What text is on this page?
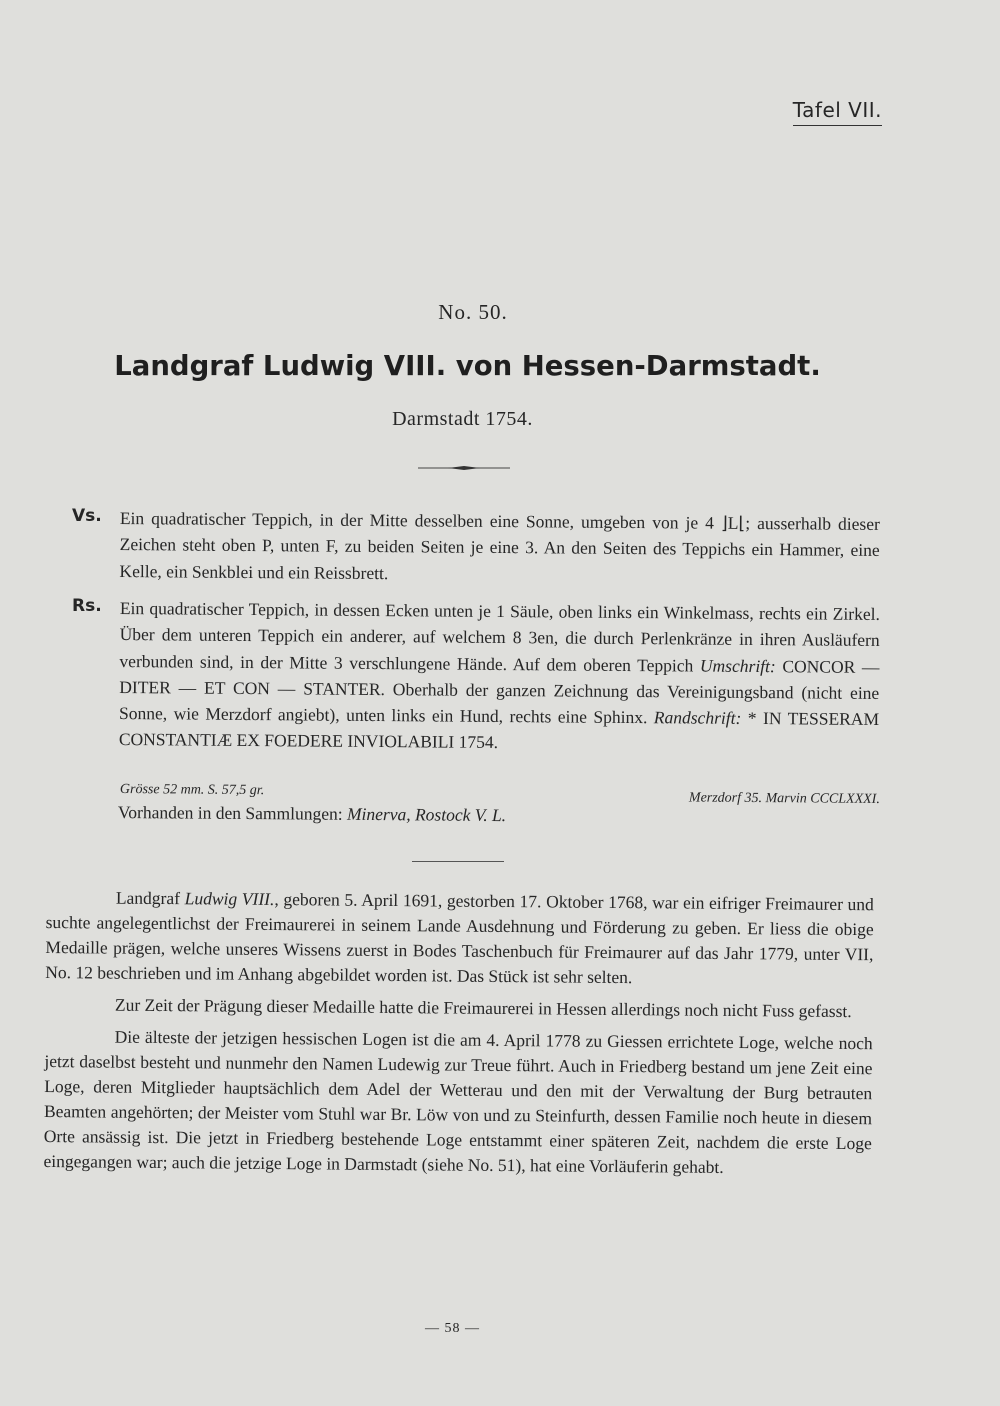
Tafel VII.
No. 50.
Landgraf Ludwig VIII. von Hessen-Darmstadt.
Darmstadt 1754.
Vs. Ein quadratischer Teppich, in der Mitte desselben eine Sonne, umgeben von je 4 ⌋L⌊; ausserhalb dieser Zeichen steht oben P, unten F, zu beiden Seiten je eine 3. An den Seiten des Teppichs ein Hammer, eine Kelle, ein Senkblei und ein Reissbrett.
Rs. Ein quadratischer Teppich, in dessen Ecken unten je 1 Säule, oben links ein Winkelmass, rechts ein Zirkel. Über dem unteren Teppich ein anderer, auf welchem 8 3en, die durch Perlenkränze in ihren Ausläufern verbunden sind, in der Mitte 3 verschlungene Hände. Auf dem oberen Teppich Umschrift: CONCOR — DITER — ET CON — STANTER. Oberhalb der ganzen Zeichnung das Vereinigungsband (nicht eine Sonne, wie Merzdorf angiebt), unten links ein Hund, rechts eine Sphinx. Randschrift: * IN TESSERAM CONSTANTIÆ EX FOEDERE INVIOLABILI 1754.
Grösse 52 mm. S. 57,5 gr.
Merzdorf 35. Marvin CCCLXXXI.
Vorhanden in den Sammlungen: Minerva, Rostock V. L.

Landgraf Ludwig VIII., geboren 5. April 1691, gestorben 17. Oktober 1768, war ein eifriger Freimaurer und suchte angelegentlichst der Freimaurerei in seinem Lande Ausdehnung und Förderung zu geben. Er liess die obige Medaille prägen, welche unseres Wissens zuerst in Bodes Taschenbuch für Freimaurer auf das Jahr 1779, unter VII, No. 12 beschrieben und im Anhang abgebildet worden ist. Das Stück ist sehr selten.

Zur Zeit der Prägung dieser Medaille hatte die Freimaurerei in Hessen allerdings noch nicht Fuss gefasst.

Die älteste der jetzigen hessischen Logen ist die am 4. April 1778 zu Giessen errichtete Loge, welche noch jetzt daselbst besteht und nunmehr den Namen Ludewig zur Treue führt. Auch in Friedberg bestand um jene Zeit eine Loge, deren Mitglieder hauptsächlich dem Adel der Wetterau und den mit der Verwaltung der Burg betrauten Beamten angehörten; der Meister vom Stuhl war Br. Löw von und zu Steinfurth, dessen Familie noch heute in diesem Orte ansässig ist. Die jetzt in Friedberg bestehende Loge entstammt einer späteren Zeit, nachdem die erste Loge eingegangen war; auch die jetzige Loge in Darmstadt (siehe No. 51), hat eine Vorläuferin gehabt.

— 58 —
